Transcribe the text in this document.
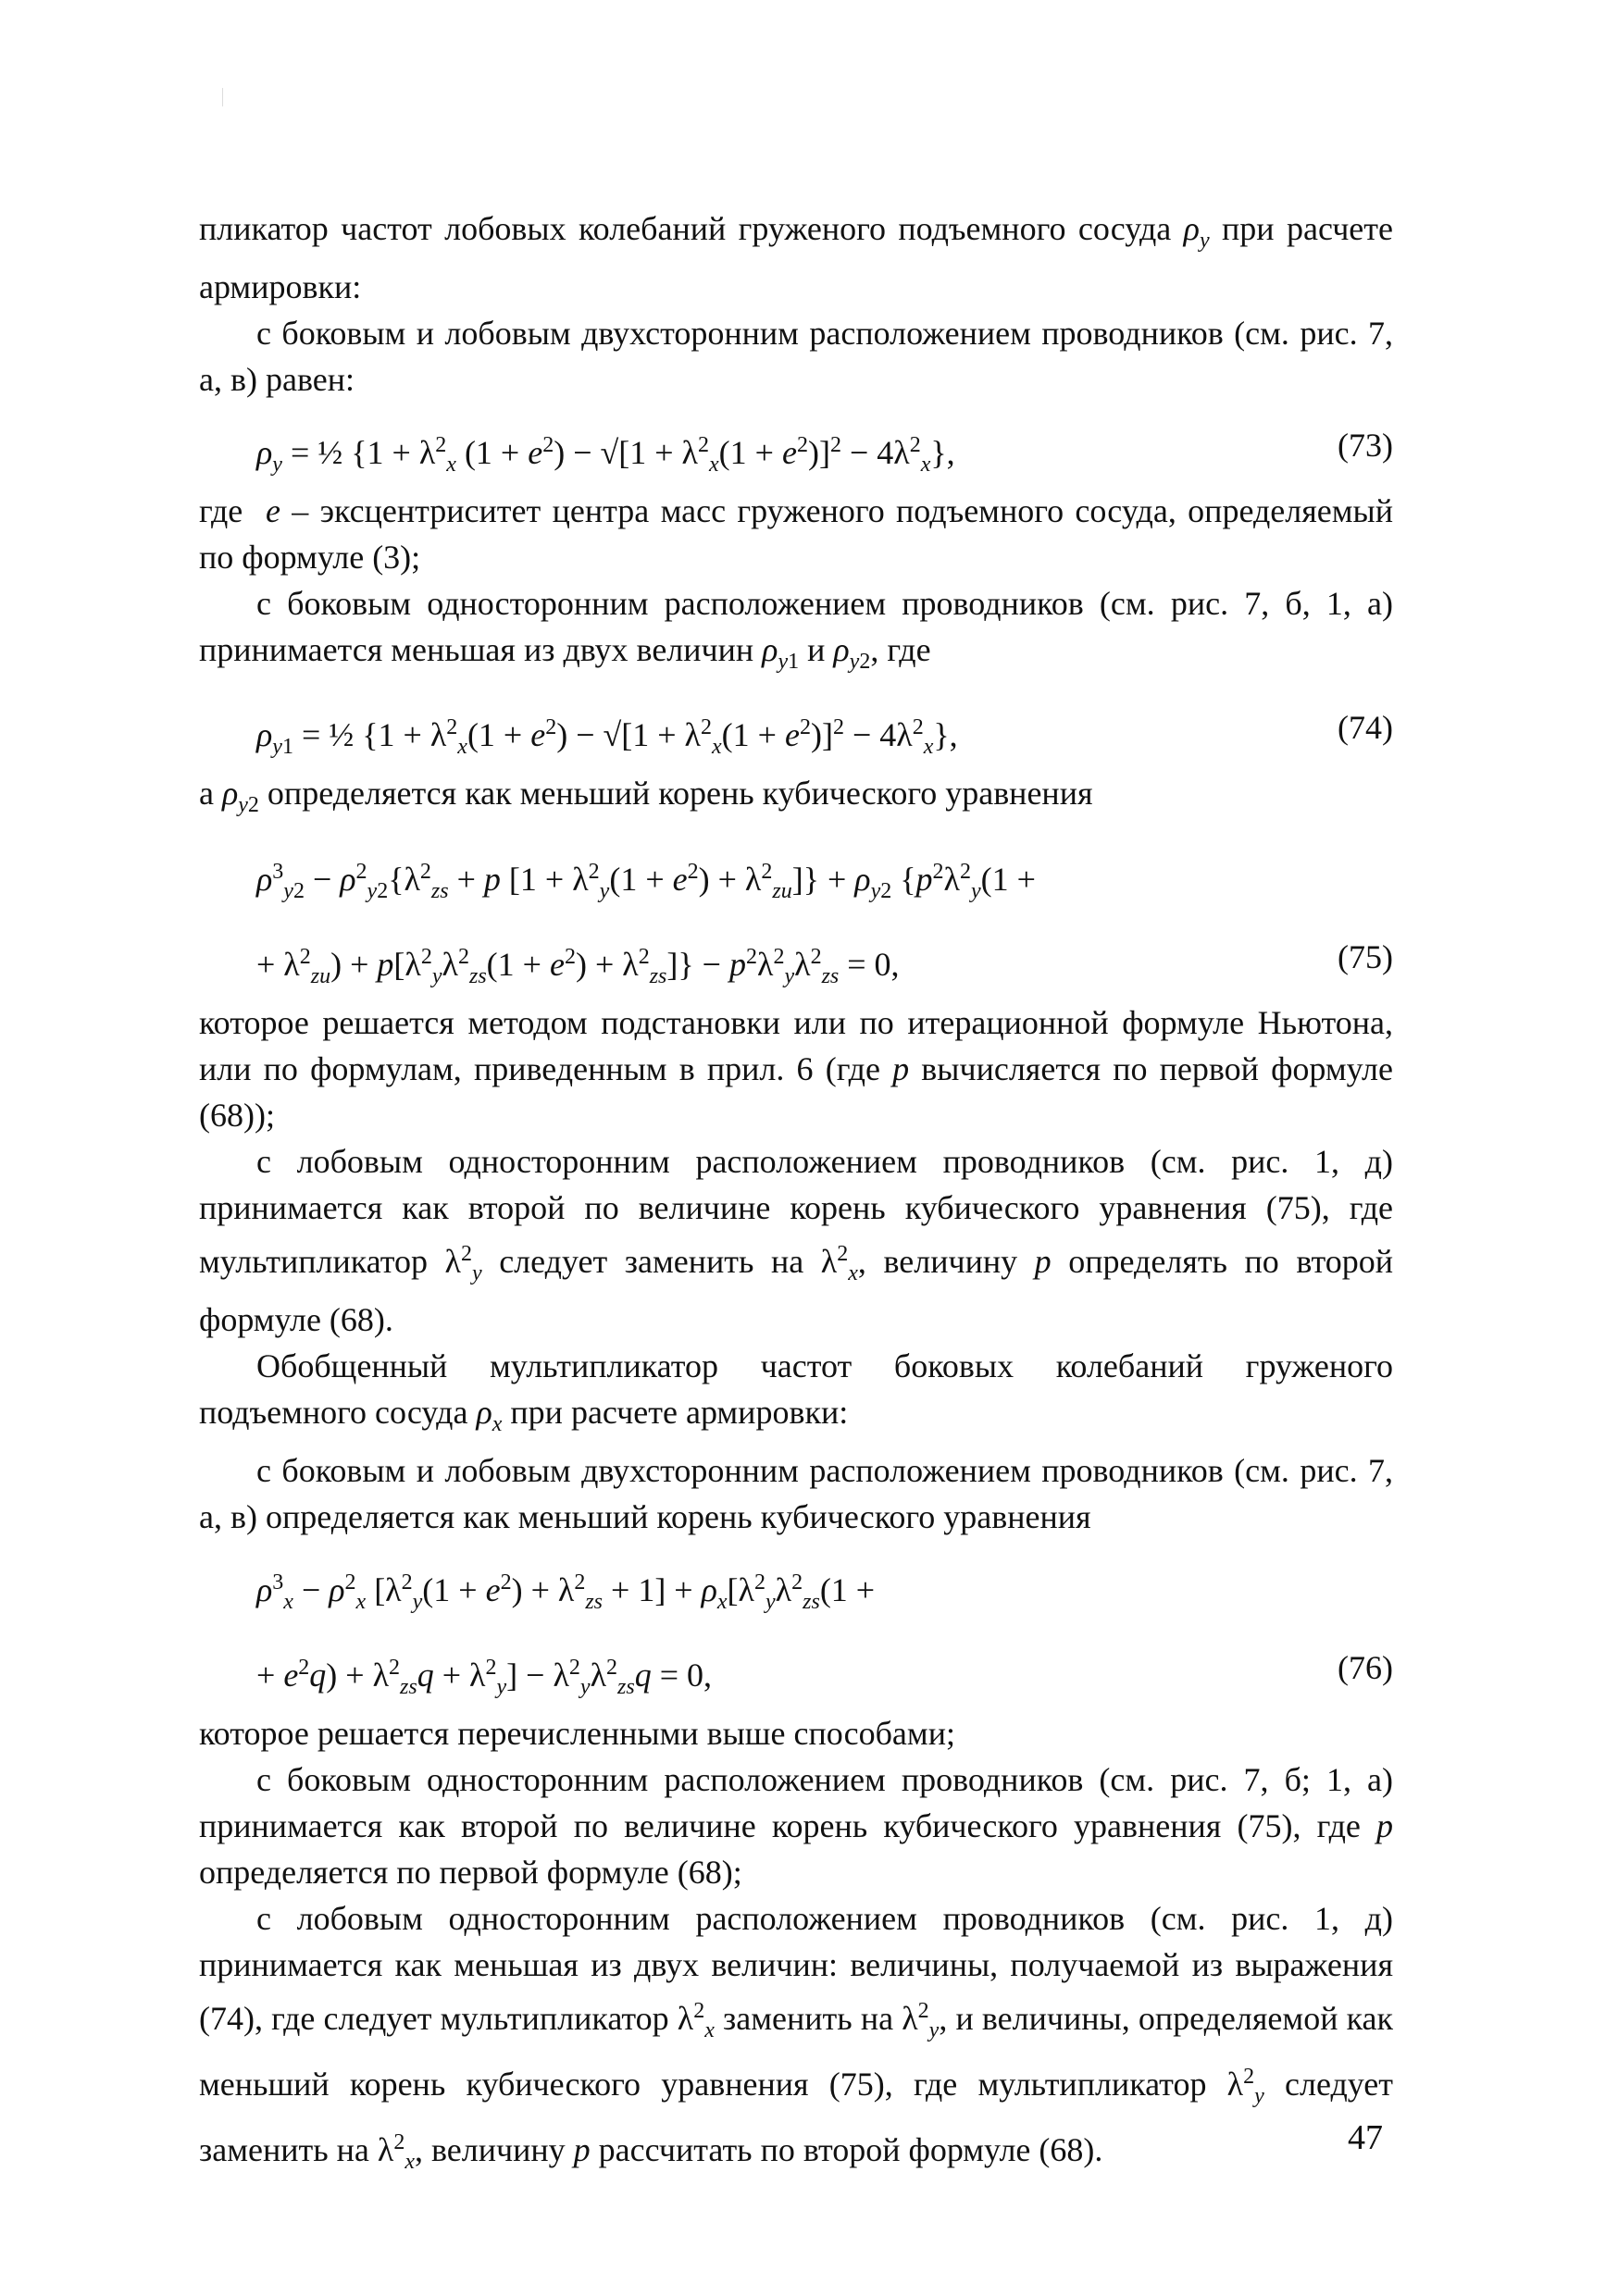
пликатор частот лобовых колебаний груженого подъемного сосуда $\rho_y$ при расчете армировки:

с боковым и лобовым двухсторонним расположением проводников (см. рис. 7, а, в) равен:

$\rho_y$ = ½ {$1 + \lambda^2_x$ $(1 + e^2) - √[1 + \lambda^2_x(1 + e^2)]^2 - 4\lambda^2_x$},	(73)

где  e – эксцентриситет центра масс груженого подъемного сосуда, определяемый по формуле (3);

с боковым односторонним расположением проводников (см. рис. 7, б, 1, а) принимается меньшая из двух величин $\rho_{y1}$ и $\rho_{y2}$, где

$\rho_{y1}$ = ½ $\{1 + \lambda^2_x(1 + e^2) - √[1 + \lambda^2_x(1 + e^2)]^2 - 4\lambda^2_x\}$,	(74)

а $\rho_{y2}$ определяется как меньший корень кубического уравнения

$\rho^3_{y2} - \rho^2_{y2}\{\lambda^2_{zs} + p$ $[1 + \lambda^2_y(1 + e^2) + \lambda^2_{zu}]\} + \rho_{y2}$ {$p^2\lambda^2_y(1$ +
+ $\lambda^2_{zu}) + p[\lambda^2_y\lambda^2_{zs}(1 + e^2) + \lambda^2_{zs}]\} - p^2\lambda^2_y\lambda^2_{zs} = 0$,	(75)

которое решается методом подстановки или по итерационной формуле Ньютона, или по формулам, приведенным в прил. 6 (где p вычисляется по первой формуле (68));

с лобовым односторонним расположением проводников (см. рис. 1, д) принимается как второй по величине корень кубического уравнения (75), где мультипликатор $\lambda^2_y$ следует заменить на $\lambda^2_x$, величину p определять по второй формуле (68).

Обобщенный мультипликатор частот боковых колебаний груженого подъемного сосуда $\rho_x$ при расчете армировки:

с боковым и лобовым двухсторонним расположением проводников (см. рис. 7, а, в) определяется как меньший корень кубического уравнения

$\rho^3_x - \rho^2_x$ $[\lambda^2_y(1 + e^2) + \lambda^2_{zs} + 1] + \rho_x[\lambda^2_y\lambda^2_{zs}(1$ +
+ $e^2q) + \lambda^2_{zs}q + \lambda^2_y] - \lambda^2_y\lambda^2_{zs}q = 0$,	(76)

которое решается перечисленными выше способами;

с боковым односторонним расположением проводников (см. рис. 7, б; 1, а) принимается как второй по величине корень кубического уравнения (75), где p определяется по первой формуле (68);

с лобовым односторонним расположением проводников (см. рис. 1, д) принимается как меньшая из двух величин: величины, получаемой из выражения (74), где следует мультипликатор $\lambda^2_x$ заменить на $\lambda^2_y$, и величины, определяемой как меньший корень кубического уравнения (75), где мультипликатор $\lambda^2_y$ следует заменить на $\lambda^2_x$, величину p рассчитать по второй формуле (68).	47
